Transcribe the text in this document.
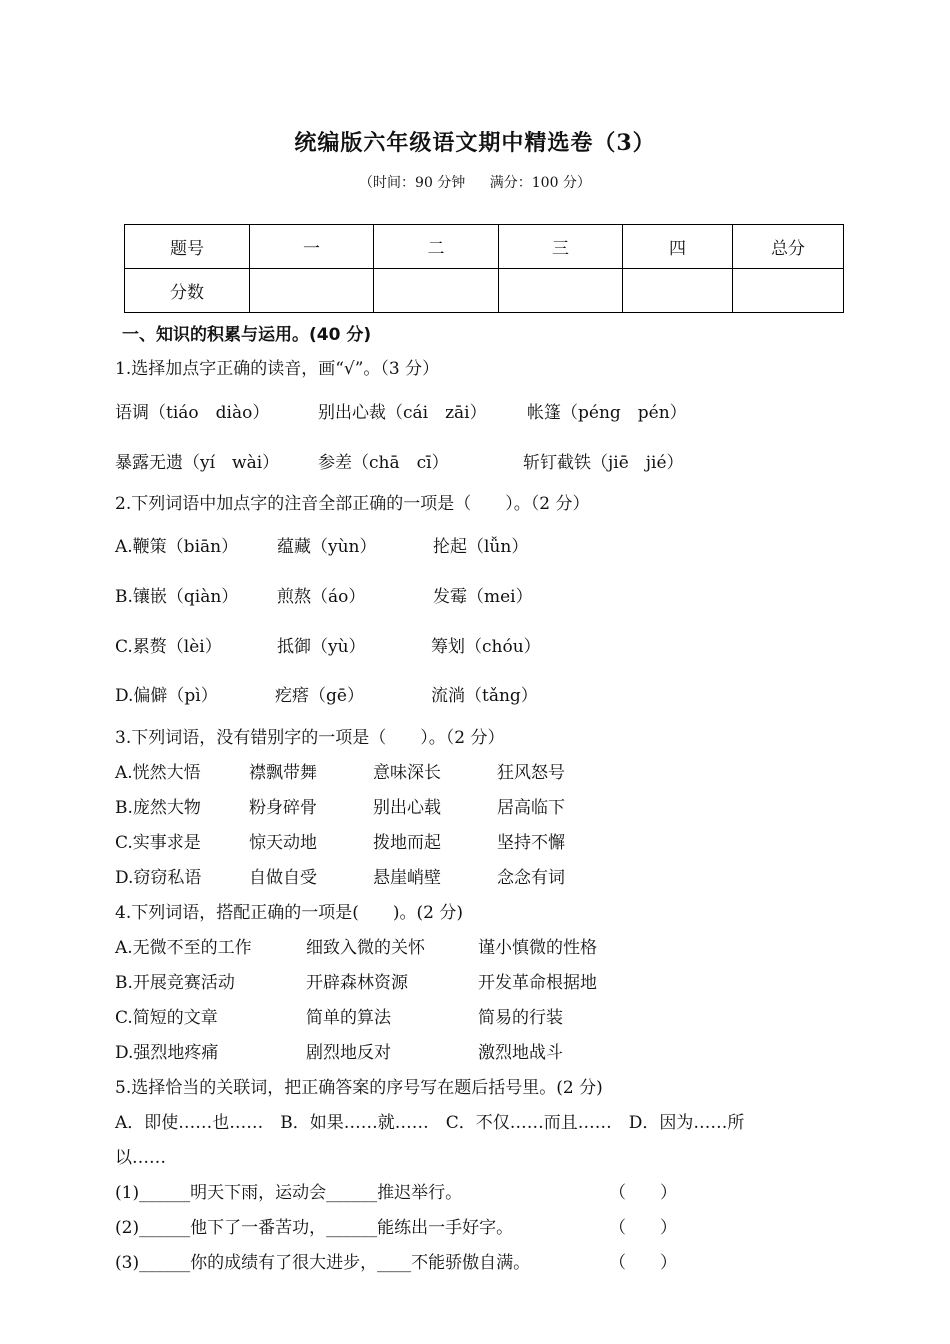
统编版六年级语文期中精选卷（3）
（时间：90 分钟 满分：100 分）
题号	一	二	三	四	总分
分数					
一、知识的积累与运用。(40 分)
1.选择加点字正确的读音，画“√”。（3 分）
语调（tiáo　diào）	别出心裁（cái　zāi） 帐篷（péng　pén）
暴露无遗（yí　wài） 参差（chā　cī）	斩钉截铁（jiē　jié）
2.下列词语中加点字的注音全部正确的一项是（　　）。（2 分）
A.鞭策（biān） 蕴藏（yùn）	抡起（lǚn）
B.镶嵌（qiàn） 煎熬（áo）	发霉（mei）
C.累赘（lèi）	抵御（yù）	筹划（chóu）
D.偏僻（pì）	疙瘩（gē）	流淌（tǎng）
3.下列词语，没有错别字的一项是（　　）。（2 分）
A.恍然大悟	襟飘带舞	意味深长	狂风怒号
B.庞然大物	粉身碎骨	别出心载	居高临下
C.实事求是	惊天动地	拨地而起	坚持不懈
D.窃窃私语	自做自受	悬崖峭壁	念念有词
4.下列词语，搭配正确的一项是(　　)。(2 分)
A.无微不至的工作	细致入微的关怀	谨小慎微的性格
B.开展竞赛活动	开辟森林资源	开发革命根据地
C.简短的文章	简单的算法	简易的行装
D.强烈地疼痛	剧烈地反对	激烈地战斗
5.选择恰当的关联词，把正确答案的序号写在题后括号里。(2 分)
A．即使……也……　B．如果……就……　C．不仅……而且……　D．因为……所
以……
(1)______明天下雨，运动会______推迟举行。	（　　）
(2)______他下了一番苦功，______能练出一手好字。	（　　）
(3)______你的成绩有了很大进步，____不能骄傲自满。	（　　）
